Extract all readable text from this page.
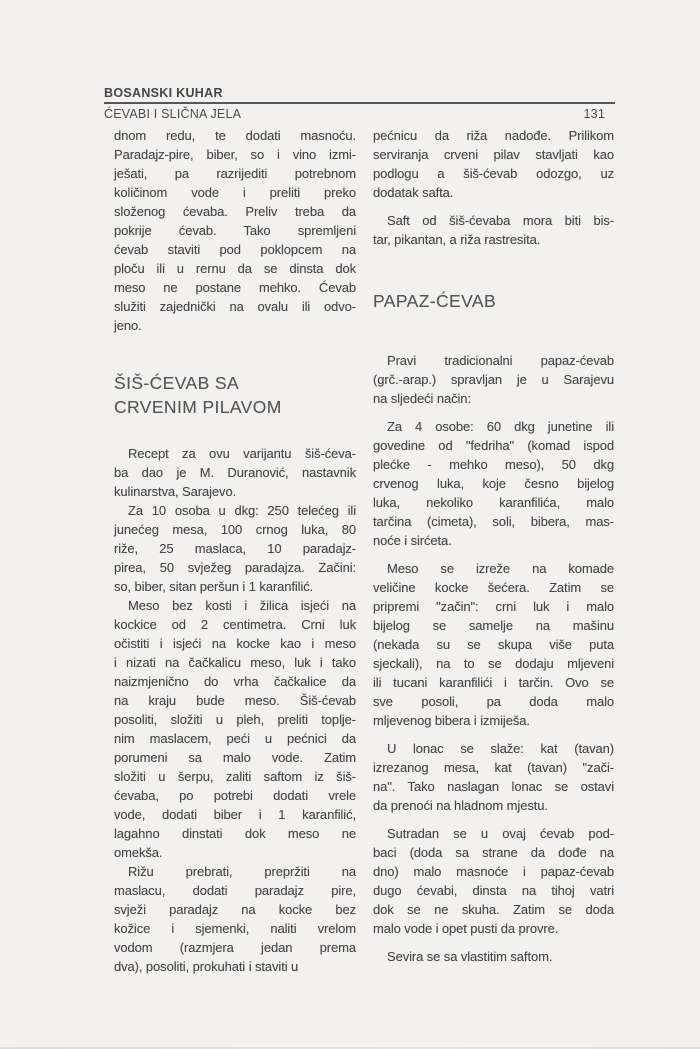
BOSANSKI KUHAR
ĆEVABI I SLIČNA JELA	131
dnom redu, te dodati masnoću.
Paradajz-pire, biber, so i vino izmi-
ješati, pa razrijediti potrebnom
količinom vode i preliti preko
složenog ćevaba. Preliv treba da
pokrije ćevab. Tako spremljeni
ćevab staviti pod poklopcem na
ploču ili u rernu da se dinsta dok
meso ne postane mehko. Ćevab
služiti zajednički na ovalu ili odvo-
jeno.
ŠIŠ-ĆEVAB SA
CRVENIM PILAVOM
Recept za ovu varijantu šiš-ćeva-
ba dao je M. Duranović, nastavnik
kulinarstva, Sarajevo.
Za 10 osoba u dkg: 250 telećeg ili
junećeg mesa, 100 crnog luka, 80
riže, 25 maslaca, 10 paradajz-
pirea, 50 svježeg paradajza. Začini:
so, biber, sitan peršun i 1 karanfilić.
Meso bez kosti i žilica isjeći na
kockice od 2 centimetra. Crni luk
očistiti i isjeći na kocke kao i meso
i nizati na čačkalicu meso, luk i tako
naizmjenično do vrha čačkalice da
na kraju bude meso. Šiš-ćevab
posoliti, složiti u pleh, preliti toplje-
nim maslacem, peći u pećnici da
porumeni sa malo vode. Zatim
složiti u šerpu, zaliti saftom iz šiš-
ćevaba, po potrebi dodati vrele
vode, dodati biber i 1 karanfilić,
lagahno dinstati dok meso ne
omekša.
Rižu prebrati, prepržiti na
maslacu, dodati paradajz pire,
svježi paradajz na kocke bez
kožice i sjemenki, naliti vrelom
vodom (razmjera jedan prema
dva), posoliti, prokuhati i staviti u
pećnicu da riža nadođe. Prilikom
serviranja crveni pilav stavljati kao
podlogu a šiš-ćevab odozgo, uz
dodatak safta.
Saft od šiš-ćevaba mora biti bis-
tar, pikantan, a riža rastresita.
PAPAZ-ĆEVAB
Pravi tradicionalni papaz-ćevab
(grč.-arap.) spravljan je u Sarajevu
na sljedeći način:
Za 4 osobe: 60 dkg junetine ili
govedine od "fedriha" (komad ispod
plećke - mehko meso), 50 dkg
crvenog luka, koje česno bijelog
luka, nekoliko karanfilića, malo
tarčina (cimeta), soli, bibera, mas-
noće i sirćeta.
Meso se izreže na komade
veličine kocke šećera. Zatim se
pripremi "začin": crni luk i malo
bijelog se samelje na mašinu
(nekada su se skupa više puta
sjeckali), na to se dodaju mljeveni
ili tucani karanfilići i tarčin. Ovo se
sve posoli, pa doda malo
mljevenog bibera i izmiješa.
U lonac se slaže: kat (tavan)
izrezanog mesa, kat (tavan) "zači-
na". Tako naslagan lonac se ostavi
da prenoći na hladnom mjestu.
Sutradan se u ovaj ćevab pod-
baci (doda sa strane da dođe na
dno) malo masnoće i papaz-ćevab
dugo ćevabi, dinsta na tihoj vatri
dok se ne skuha. Zatim se doda
malo vode i opet pusti da provre.
Sevira se sa vlastitim saftom.
